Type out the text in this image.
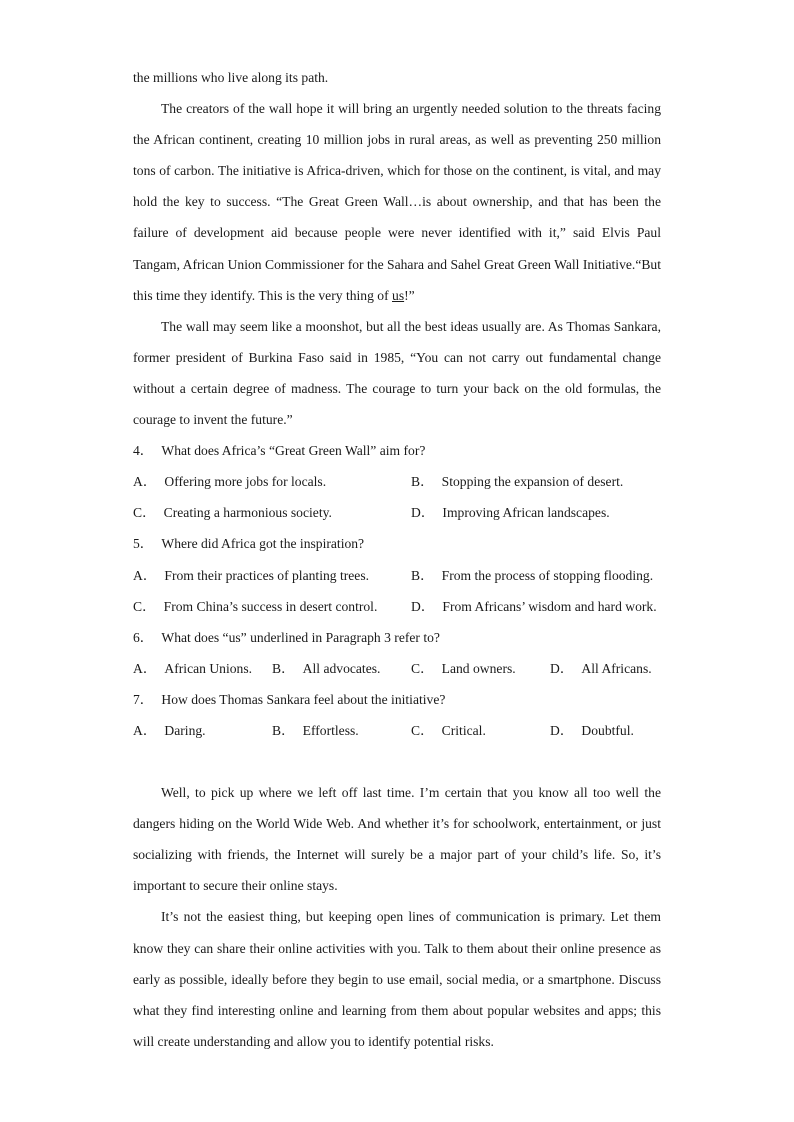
the millions who live along its path.

The creators of the wall hope it will bring an urgently needed solution to the threats facing the African continent, creating 10 million jobs in rural areas, as well as preventing 250 million tons of carbon. The initiative is Africa-driven, which for those on the continent, is vital, and may hold the key to success. “The Great Green Wall…is about ownership, and that has been the failure of development aid because people were never identified with it,” said Elvis Paul Tangam, African Union Commissioner for the Sahara and Sahel Great Green Wall Initiative.“But this time they identify. This is the very thing of us!”

The wall may seem like a moonshot, but all the best ideas usually are. As Thomas Sankara, former president of Burkina Faso said in 1985, “You can not carry out fundamental change without a certain degree of madness. The courage to turn your back on the old formulas, the courage to invent the future.”

4． What does Africa’s “Great Green Wall” aim for?
A． Offering more jobs for locals.	B． Stopping the expansion of desert.
C． Creating a harmonious society.	D． Improving African landscapes.
5． Where did Africa got the inspiration?
A． From their practices of planting trees.	B． From the process of stopping flooding.
C． From China’s success in desert control.	D． From Africans’ wisdom and hard work.
6． What does “us” underlined in Paragraph 3 refer to?
A． African Unions.	B． All advocates.	C． Land owners.	D． All Africans.
7． How does Thomas Sankara feel about the initiative?
A． Daring.	B． Effortless.	C． Critical.	D． Doubtful.

Well, to pick up where we left off last time. I’m certain that you know all too well the dangers hiding on the World Wide Web. And whether it’s for schoolwork, entertainment, or just socializing with friends, the Internet will surely be a major part of your child’s life. So, it’s important to secure their online stays.

It’s not the easiest thing, but keeping open lines of communication is primary. Let them know they can share their online activities with you. Talk to them about their online presence as early as possible, ideally before they begin to use email, social media, or a smartphone. Discuss what they find interesting online and learning from them about popular websites and apps; this will create understanding and allow you to identify potential risks.
